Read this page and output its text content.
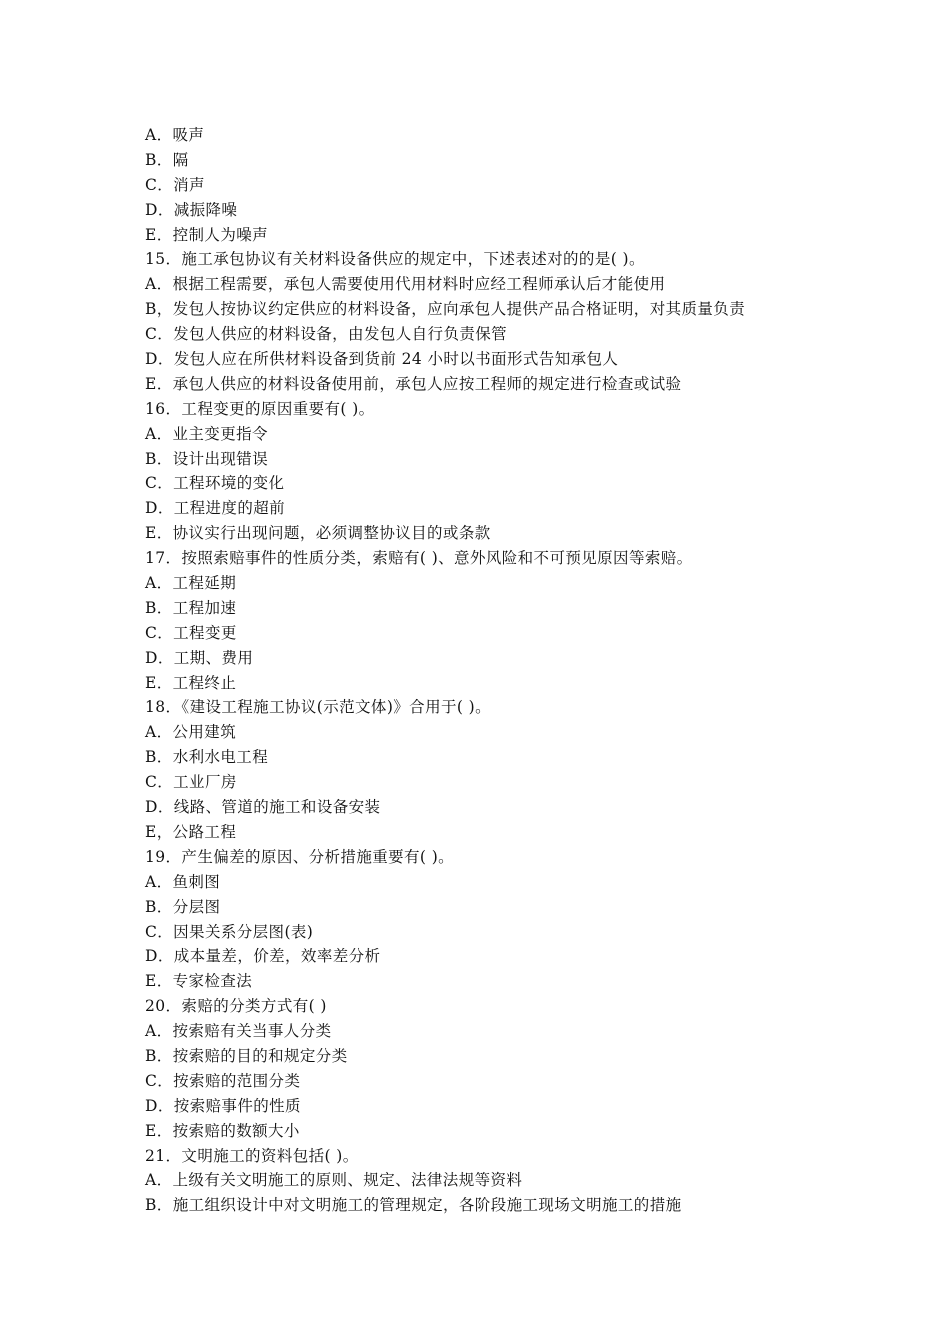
A．吸声
B．隔
C．消声
D．减振降噪
E．控制人为噪声
15．施工承包协议有关材料设备供应的规定中，下述表述对的的是( )。
A．根据工程需要，承包人需要使用代用材料时应经工程师承认后才能使用
B，发包人按协议约定供应的材料设备，应向承包人提供产品合格证明，对其质量负责
C．发包人供应的材料设备，由发包人自行负责保管
D．发包人应在所供材料设备到货前 24 小时以书面形式告知承包人
E．承包人供应的材料设备使用前，承包人应按工程师的规定进行检查或试验
16．工程变更的原因重要有( )。
A．业主变更指令
B．设计出现错误
C．工程环境的变化
D．工程进度的超前
E．协议实行出现问题，必须调整协议目的或条款
17．按照索赔事件的性质分类，索赔有( )、意外风险和不可预见原因等索赔。
A．工程延期
B．工程加速
C．工程变更
D．工期、费用
E．工程终止
18．《建设工程施工协议(示范文体)》合用于( )。
A．公用建筑
B．水利水电工程
C．工业厂房
D．线路、管道的施工和设备安装
E，公路工程
19．产生偏差的原因、分析措施重要有( )。
A．鱼刺图
B．分层图
C．因果关系分层图(表)
D．成本量差，价差，效率差分析
E．专家检查法
20．索赔的分类方式有( )
A．按索赔有关当事人分类
B．按索赔的目的和规定分类
C．按索赔的范围分类
D．按索赔事件的性质
E．按索赔的数额大小
21．文明施工的资料包括( )。
A．上级有关文明施工的原则、规定、法律法规等资料
B．施工组织设计中对文明施工的管理规定，各阶段施工现场文明施工的措施
